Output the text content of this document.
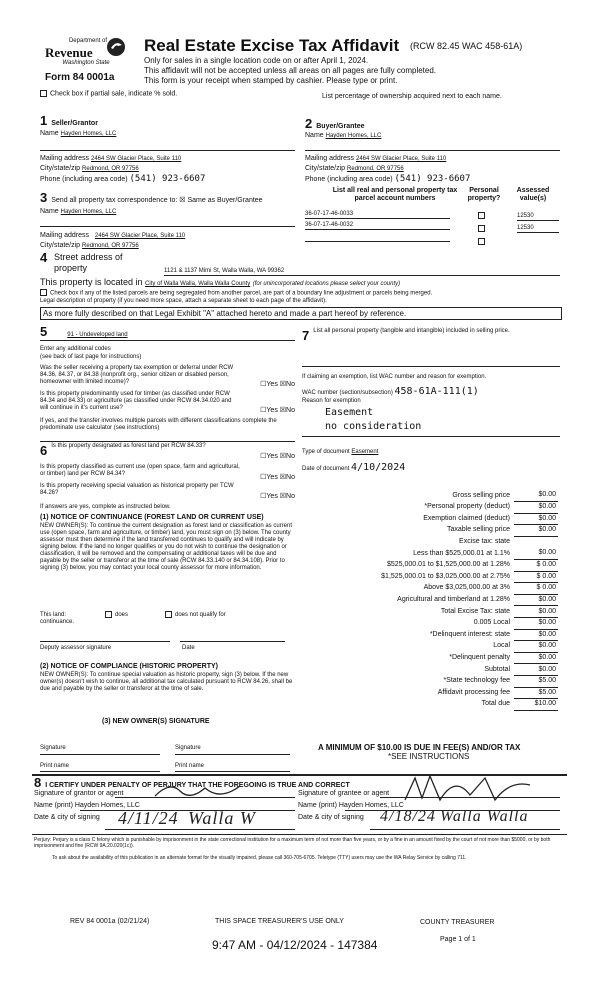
Department of
Revenue
Washington State
Form 84 0001a
Real Estate Excise Tax Affidavit (RCW 82.45 WAC 458-61A)
Only for sales in a single location code on or after April 1, 2024.
This affidavit will not be accepted unless all areas on all pages are fully completed.
This form is your receipt when stamped by cashier. Please type or print.
Check box if partial sale, indicate % sold.	List percentage of ownership acquired next to each name.
1 Seller/Grantor
Name Hayden Homes, LLC
Mailing address 2464 SW Glacier Place, Suite 110
City/state/zip Redmond, OR 97756
Phone (including area code) (541) 923-6607
2 Buyer/Grantee
Name Hayden Homes, LLC
Mailing address 2464 SW Glacier Place, Suite 110
City/state/zip Redmond, OR 97756
Phone (including area code) (541) 923-6607
3 Send all property tax correspondence to: ☒ Same as Buyer/Grantee
Name Hayden Homes, LLC
Mailing address 2464 SW Glacier Place, Suite 110
City/state/zip Redmond, OR 97756
List all real and personal property tax
parcel account numbers
Personal property?
Assessed value(s)
36-07-17-46-0033	12530
36-07-17-46-0032	12530
4 Street address of property	1121 & 1137 Mimi St, Walla Walla, WA 99362
This property is located in City of Walla Walla, Walla Walla County (for unincorporated locations please select your county)
Check box if any of the listed parcels are being segregated from another parcel, are part of a boundary line adjustment or parcels being merged.
Legal description of property (if you need more space, attach a separate sheet to each page of the affidavit).
As more fully described on that Legal Exhibit "A" attached hereto and made a part hereof by reference.
5	91 - Undeveloped land
Enter any additional codes
(see back of last page for instructions)
Was the seller receiving a property tax exemption or deferral under RCW 84.36, 84.37, or 84.38 (nonprofit org., senior citizen or disabled person, homeowner with limited income)?	☐Yes ☒No
Is this property predominantly used for timber (as classified under RCW 84.34 and 84.33) or agriculture (as classified under RCW 84.34.020 and will continue in it's current use?	☐Yes ☒No
If yes, and the transfer involves multiple parcels with different classifications complete the predominate use calculator (see instructions)
6 Is this property designated as forest land per RCW 84.33?
☐Yes ☒No
Is this property classified as current use (open space, farm and agricultural, or timber) land per RCW 84.34?	☐Yes ☒No
Is this property receiving special valuation as historical property per TCW 84.26?	☐Yes ☒No
If answers are yes, complete as instructed below.
(1) NOTICE OF CONTINUANCE (FOREST LAND OR CURRENT USE)
NEW OWNER(S): To continue the current designation as forest land or classification as current use (open space, farm and agriculture, or timber) land, you must sign on (3) below. The county assessor must then determine if the land transferred continues to qualify and will indicate by signing below. If the land no longer qualifies or you do not wish to continue the designation or classification, it will be removed and the compensating or additional taxes will be due and payable by the seller or transferor at the time of sale (RCW 84.33.140 or 84.34.108). Prior to signing (3) below, you may contact your local county assessor for more information.
This land:	does	does not qualify for
continuance.
Deputy assessor signature	Date
(2) NOTICE OF COMPLIANCE (HISTORIC PROPERTY)
NEW OWNER(S): To continue special valuation as historic property, sign (3) below. If the new owner(s) doesn't wish to continue, all additional tax calculated pursuant to RCW 84.26, shall be due and payable by the seller or transferor at the time of sale.
(3) NEW OWNER(S) SIGNATURE
Signature	Signature
Print name	Print name
7 List all personal property (tangible and intangible) included in selling price.
If claiming an exemption, list WAC number and reason for exemption.
WAC number (section/subsection) 458-61A-111(1)
Reason for exemption
Easement
no consideration
Type of document Easement
Date of document 4/10/2024
Gross selling price	$0.00
*Personal property (deduct)	$0.00
Exemption claimed (deduct)	$0.00
Taxable selling price	$0.00
Excise tax: state	
Less than $525,000.01 at 1.1%	$0.00
$525,000.01 to $1,525,000.00 at 1.28%	$ 0.00
$1,525,000.01 to $3,025,000.00 at 2.75%	$ 0.00
Above $3,025,000.00 at 3%	$ 0.00
Agricultural and timberland at 1.28%	$0.00
Total Excise Tax: state	$0.00
0.005 Local	$0.00
*Delinquent interest: state	$0.00
Local	$0.00
*Delinquent penalty	$0.00
Subtotal	$0.00
*State technology fee	$5.00
Affidavit processing fee	$5.00
Total due	$10.00
A MINIMUM OF $10.00 IS DUE IN FEE(S) AND/OR TAX
*SEE INSTRUCTIONS
8 I CERTIFY UNDER PENALTY OF PERJURY THAT THE FOREGOING IS TRUE AND CORRECT
Signature of grantor or agent	Signature of grantee or agent
Name (print) Hayden Homes, LLC	Name (print) Hayden Homes, LLC
Date & city of signing 4/11/24 Walla W	Date & city of signing 4/18/24 Walla Walla
Perjury: Perjury is a class C felony which is punishable by imprisonment in the state correctional institution for a maximum term of not more than five years, or by a fine in an amount fixed by the court of not more than $5000, or by both imprisonment and fine (RCW 9A.20.020(1c)).
To ask about the availability of this publication in an alternate format for the visually impaired, please call 360-705-6705. Teletype (TTY) users may use the WA Relay Service by calling 711.
REV 84 0001a (02/21/24)	THIS SPACE TREASURER'S USE ONLY	COUNTY TREASURER
9:47 AM - 04/12/2024 - 147384	Page 1 of 1
